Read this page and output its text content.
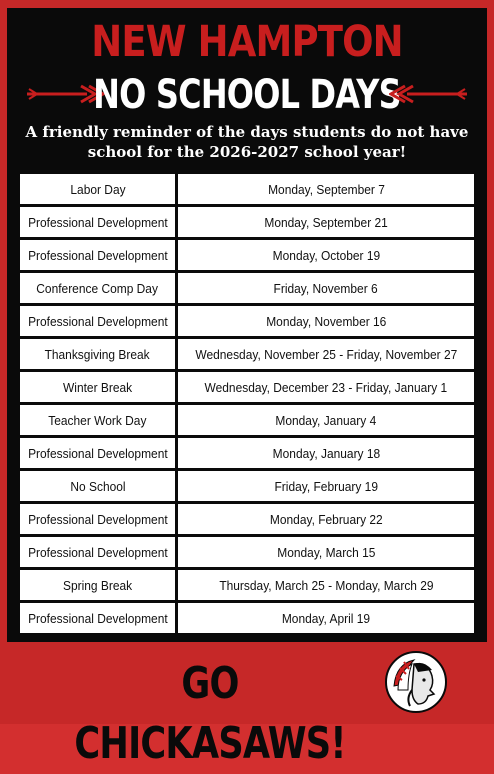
NEW HAMPTON
NO SCHOOL DAYS
A friendly reminder of the days students do not have school for the 2026-2027 school year!
Labor Day	Monday, September 7
Professional Development	Monday, September 21
Professional Development	Monday, October 19
Conference Comp Day	Friday, November 6
Professional Development	Monday, November 16
Thanksgiving Break	Wednesday, November 25 - Friday, November 27
Winter Break	Wednesday, December 23 - Friday, January 1
Teacher Work Day	Monday, January 4
Professional Development	Monday, January 18
No School	Friday, February 19
Professional Development	Monday, February 22
Professional Development	Monday, March 15
Spring Break	Thursday, March 25 - Monday, March 29
Professional Development	Monday, April 19
GO CHICKASAWS!
